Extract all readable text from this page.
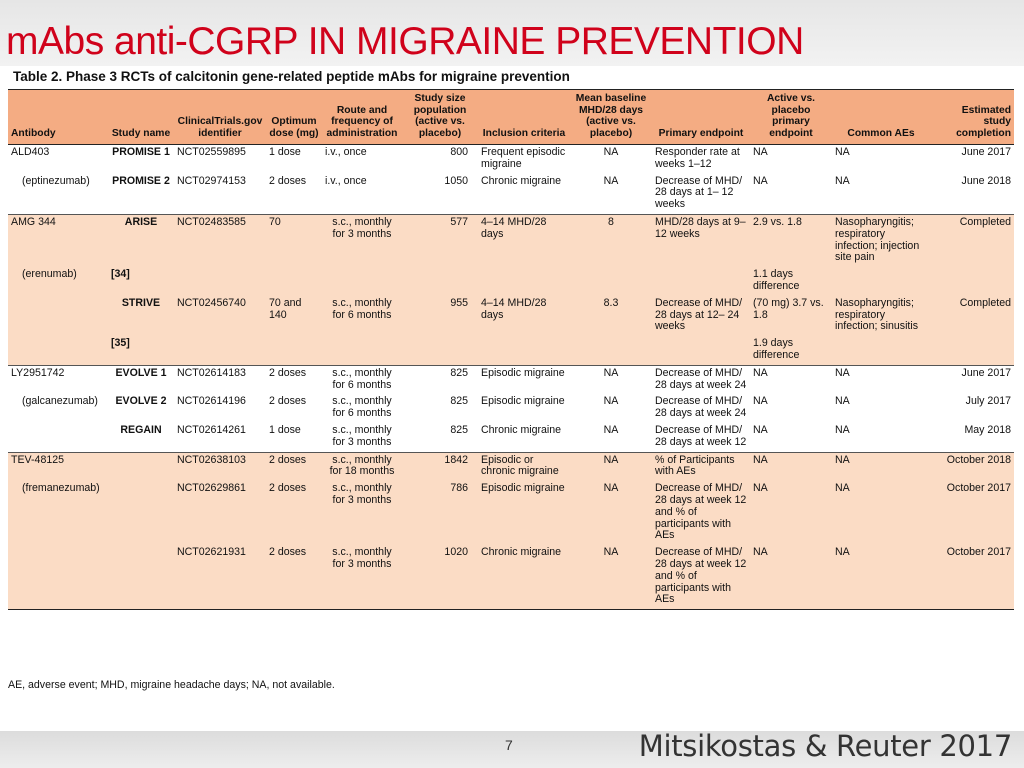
mAbs anti-CGRP IN MIGRAINE PREVENTION
Table 2. Phase 3 RCTs of calcitonin gene-related peptide mAbs for migraine prevention
Antibody	Study name	ClinicalTrials.gov identifier	Optimum dose (mg)	Route and frequency of administration	Study size population (active vs. placebo)	Inclusion criteria	Mean baseline MHD/28 days (active vs. placebo)	Primary endpoint	Active vs. placebo primary endpoint	Common AEs	Estimated study completion
ALD403	PROMISE 1	NCT02559895	1 dose	i.v., once	800	Frequent episodic migraine	NA	Responder rate at weeks 1–12	NA	NA	June 2017
(eptinezumab)	PROMISE 2	NCT02974153	2 doses	i.v., once	1050	Chronic migraine	NA	Decrease of MHD/ 28 days at 1– 12 weeks	NA	NA	June 2018
AMG 344	ARISE	NCT02483585	70	s.c., monthly for 3 months	577	4–14 MHD/28 days	8	MHD/28 days at 9–12 weeks	2.9 vs. 1.8	Nasopharyngitis; respiratory infection; injection site pain	Completed
(erenumab)	[34]								1.1 days difference		
	STRIVE	NCT02456740	70 and 140	s.c., monthly for 6 months	955	4–14 MHD/28 days	8.3	Decrease of MHD/ 28 days at 12– 24 weeks	(70 mg) 3.7 vs. 1.8	Nasopharyngitis; respiratory infection; sinusitis	Completed
	[35]								1.9 days difference		
LY2951742	EVOLVE 1	NCT02614183	2 doses	s.c., monthly for 6 months	825	Episodic migraine	NA	Decrease of MHD/ 28 days at week 24	NA	NA	June 2017
(galcanezumab)	EVOLVE 2	NCT02614196	2 doses	s.c., monthly for 6 months	825	Episodic migraine	NA	Decrease of MHD/ 28 days at week 24	NA	NA	July 2017
	REGAIN	NCT02614261	1 dose	s.c., monthly for 3 months	825	Chronic migraine	NA	Decrease of MHD/ 28 days at week 12	NA	NA	May 2018
TEV-48125		NCT02638103	2 doses	s.c., monthly for 18 months	1842	Episodic or chronic migraine	NA	% of Participants with AEs	NA	NA	October 2018
(fremanezumab)		NCT02629861	2 doses	s.c., monthly for 3 months	786	Episodic migraine	NA	Decrease of MHD/ 28 days at week 12 and % of participants with AEs	NA	NA	October 2017
		NCT02621931	2 doses	s.c., monthly for 3 months	1020	Chronic migraine	NA	Decrease of MHD/ 28 days at week 12 and % of participants with AEs	NA	NA	October 2017
AE, adverse event; MHD, migraine headache days; NA, not available.
7	Mitsikostas & Reuter 2017
